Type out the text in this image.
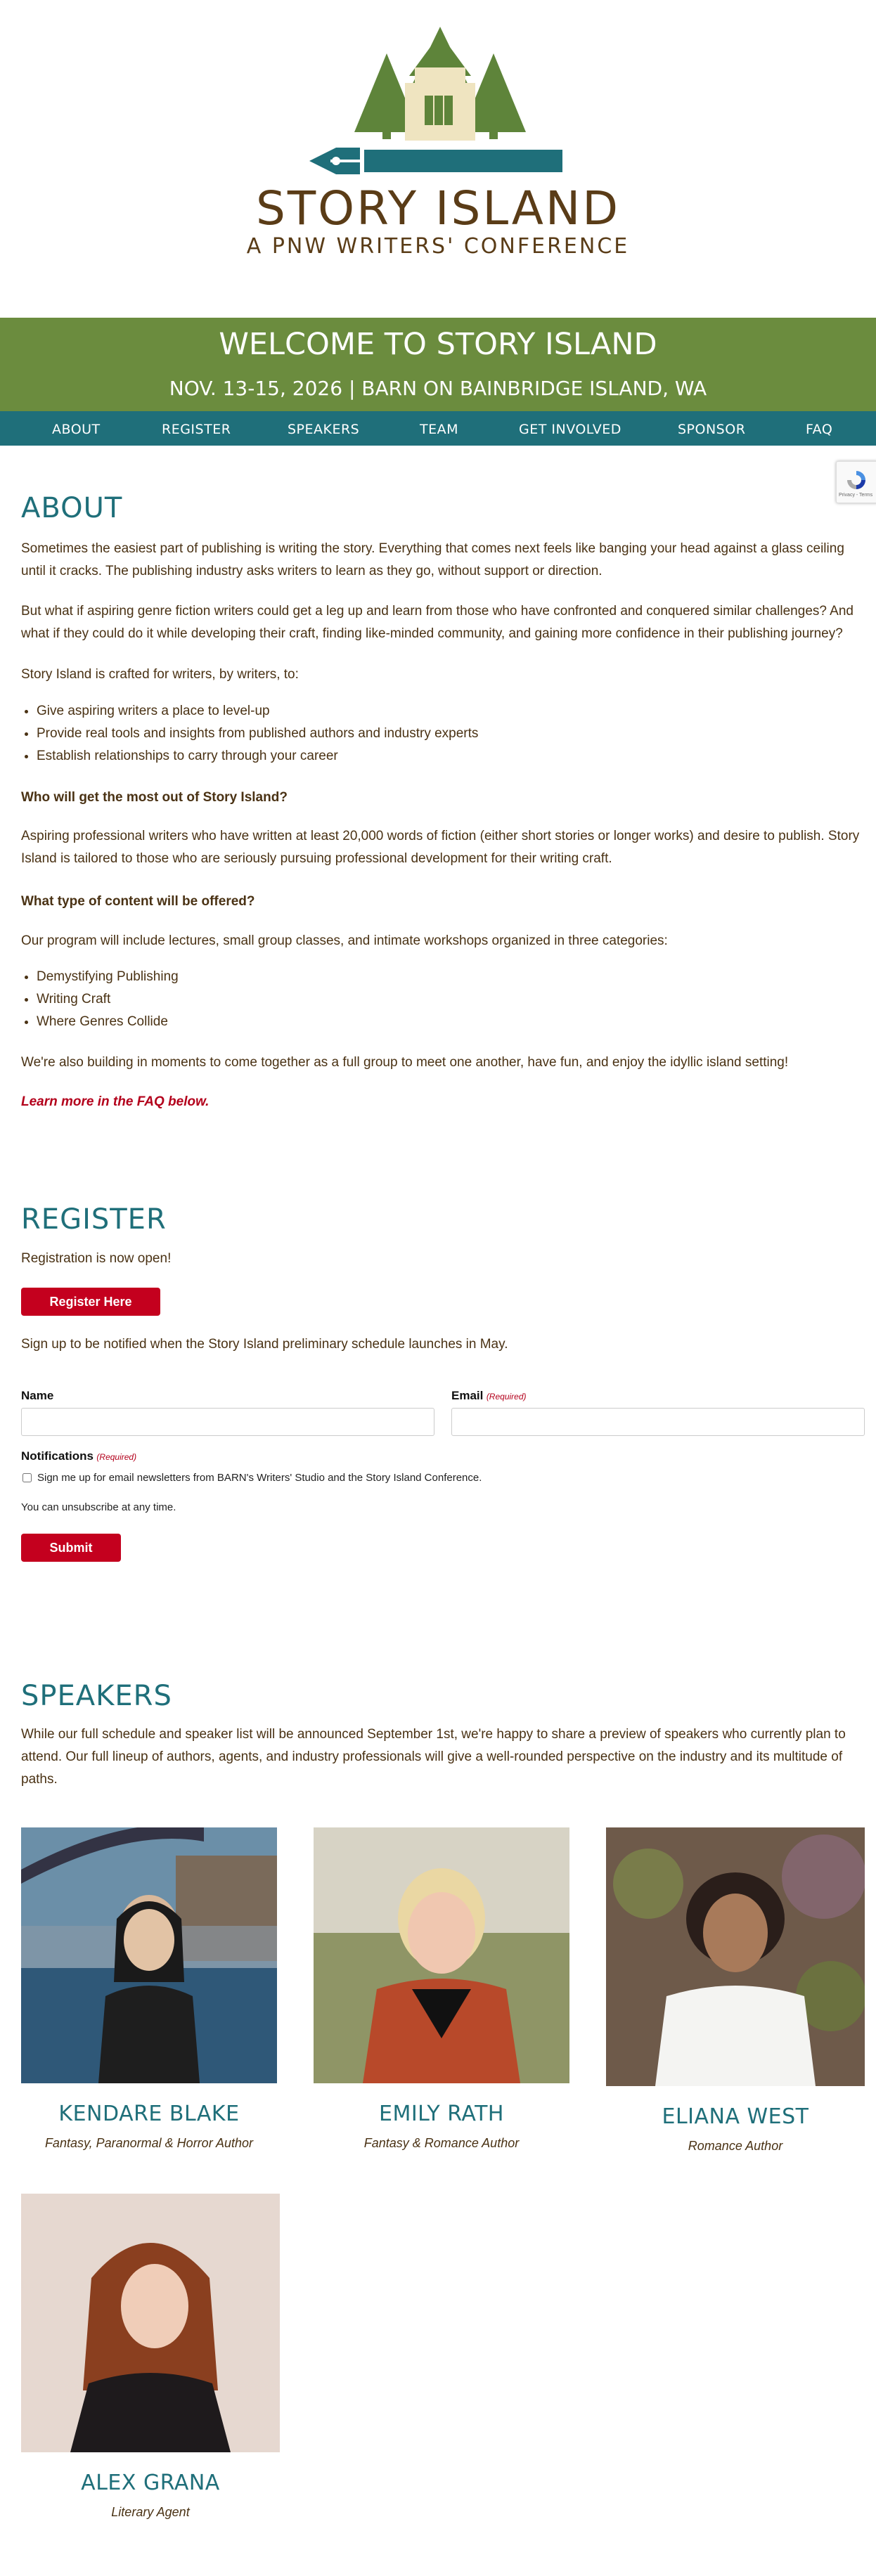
STORY ISLAND
A PNW WRITERS' CONFERENCE
WELCOME TO STORY ISLAND
NOV. 13-15, 2026 | BARN ON BAINBRIDGE ISLAND, WA
ABOUT	REGISTER	SPEAKERS	TEAM	GET INVOLVED	SPONSOR	FAQ
Privacy - Terms
ABOUT

Sometimes the easiest part of publishing is writing the story. Everything that comes next feels like banging your head against a glass ceiling until it cracks. The publishing industry asks writers to learn as they go, without support or direction.

But what if aspiring genre fiction writers could get a leg up and learn from those who have confronted and conquered similar challenges? And what if they could do it while developing their craft, finding like-minded community, and gaining more confidence in their publishing journey?

Story Island is crafted for writers, by writers, to:

• Give aspiring writers a place to level-up
• Provide real tools and insights from published authors and industry experts
• Establish relationships to carry through your career
Who will get the most out of Story Island?

Aspiring professional writers who have written at least 20,000 words of fiction (either short stories or longer works) and desire to publish. Story Island is tailored to those who are seriously pursuing professional development for their writing craft.

What type of content will be offered?

Our program will include lectures, small group classes, and intimate workshops organized in three categories:

• Demystifying Publishing
• Writing Craft
• Where Genres Collide

We're also building in moments to come together as a full group to meet one another, have fun, and enjoy the idyllic island setting!

Learn more in the FAQ below.
REGISTER

Registration is now open!

Register Here

Sign up to be notified when the Story Island preliminary schedule launches in May.

Name	Email (Required)
Notifications (Required)
Sign me up for email newsletters from BARN's Writers' Studio and the Story Island Conference.
You can unsubscribe at any time.
Submit
SPEAKERS

While our full schedule and speaker list will be announced September 1st, we're happy to share a preview of speakers who currently plan to attend. Our full lineup of authors, agents, and industry professionals will give a well-rounded perspective on the industry and its multitude of paths.

KENDARE BLAKE
Fantasy, Paranormal & Horror Author
EMILY RATH
Fantasy & Romance Author
ELIANA WEST
Romance Author
ALEX GRANA
Literary Agent
